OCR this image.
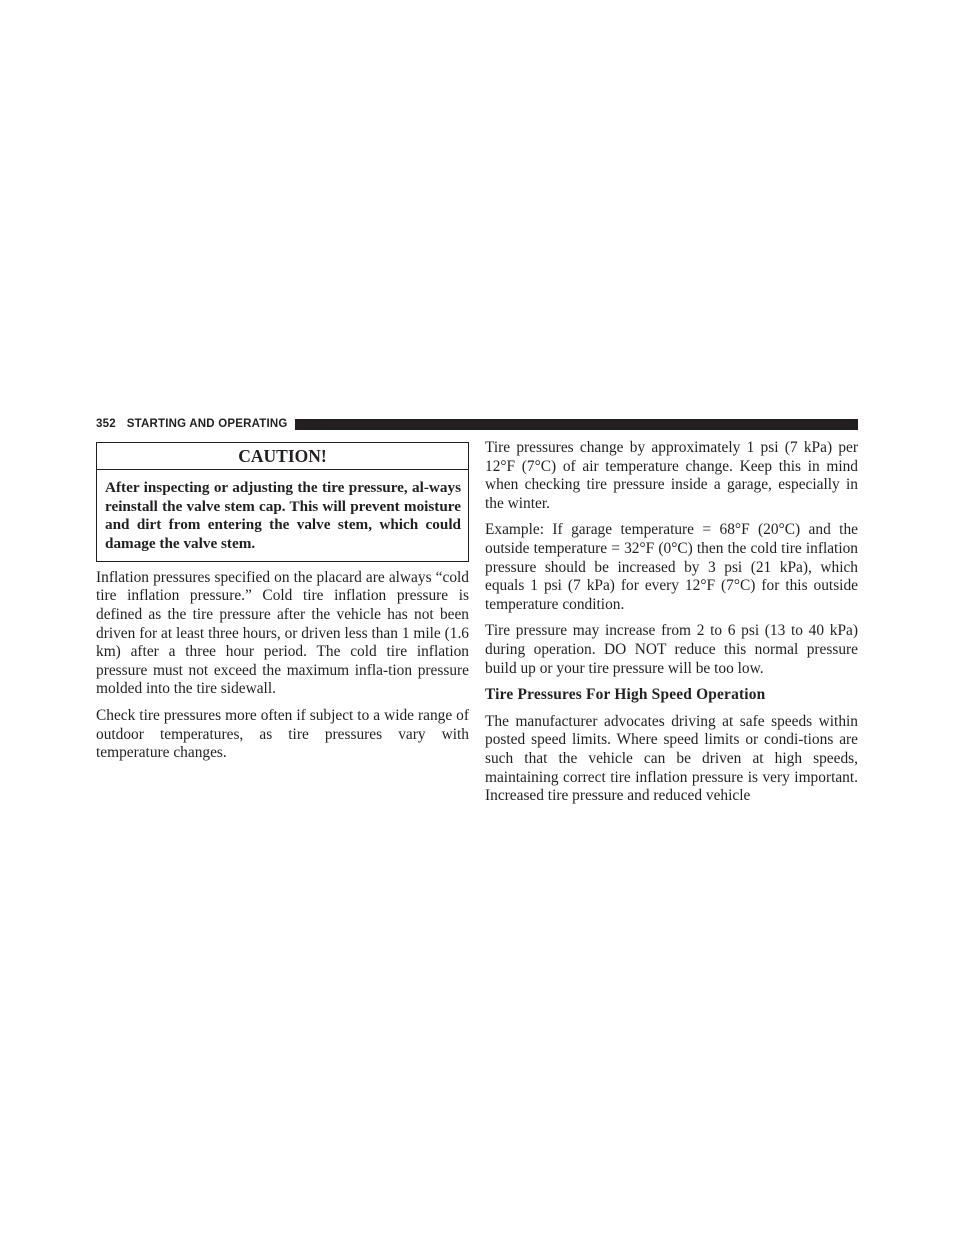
352 STARTING AND OPERATING
CAUTION!
After inspecting or adjusting the tire pressure, al-ways reinstall the valve stem cap. This will prevent moisture and dirt from entering the valve stem, which could damage the valve stem.

Inflation pressures specified on the placard are always “cold tire inflation pressure.” Cold tire inflation pressure is defined as the tire pressure after the vehicle has not been driven for at least three hours, or driven less than 1 mile (1.6 km) after a three hour period. The cold tire inflation pressure must not exceed the maximum infla-tion pressure molded into the tire sidewall.

Check tire pressures more often if subject to a wide range of outdoor temperatures, as tire pressures vary with temperature changes.

Tire pressures change by approximately 1 psi (7 kPa) per 12°F (7°C) of air temperature change. Keep this in mind when checking tire pressure inside a garage, especially in the winter.

Example: If garage temperature = 68°F (20°C) and the outside temperature = 32°F (0°C) then the cold tire inflation pressure should be increased by 3 psi (21 kPa), which equals 1 psi (7 kPa) for every 12°F (7°C) for this outside temperature condition.

Tire pressure may increase from 2 to 6 psi (13 to 40 kPa) during operation. DO NOT reduce this normal pressure build up or your tire pressure will be too low.

Tire Pressures For High Speed Operation

The manufacturer advocates driving at safe speeds within posted speed limits. Where speed limits or condi-tions are such that the vehicle can be driven at high speeds, maintaining correct tire inflation pressure is very important. Increased tire pressure and reduced vehicle
